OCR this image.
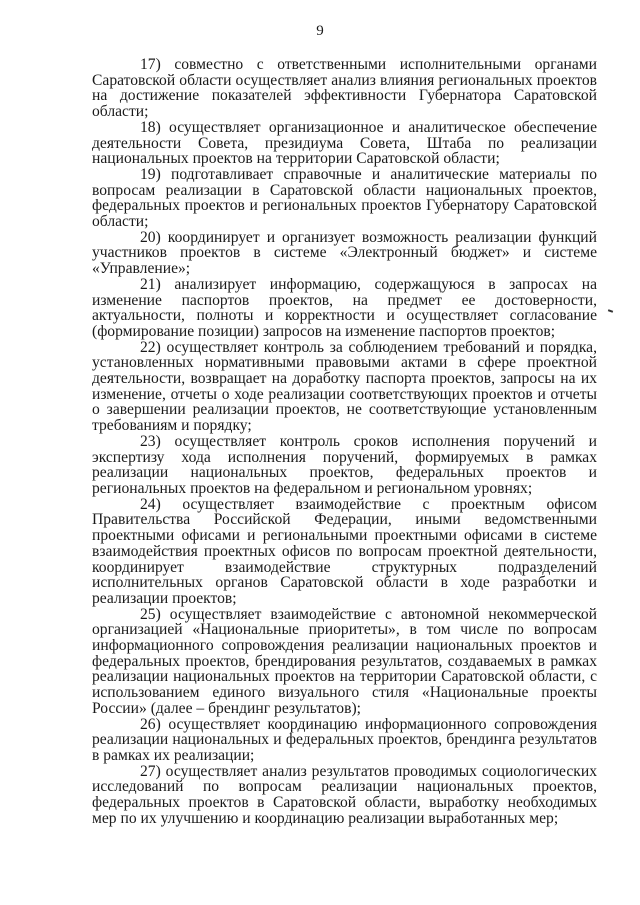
9

17) совместно с ответственными исполнительными органами Саратовской области осуществляет анализ влияния региональных проектов на достижение показателей эффективности Губернатора Саратовской области;

18) осуществляет организационное и аналитическое обеспечение деятельности Совета, президиума Совета, Штаба по реализации национальных проектов на территории Саратовской области;

19) подготавливает справочные и аналитические материалы по вопросам реализации в Саратовской области национальных проектов, федеральных проектов и региональных проектов Губернатору Саратовской области;

20) координирует и организует возможность реализации функций участников проектов в системе «Электронный бюджет» и системе «Управление»;

21) анализирует информацию, содержащуюся в запросах на изменение паспортов проектов, на предмет ее достоверности, актуальности, полноты и корректности и осуществляет согласование (формирование позиции) запросов на изменение паспортов проектов;

22) осуществляет контроль за соблюдением требований и порядка, установленных нормативными правовыми актами в сфере проектной деятельности, возвращает на доработку паспорта проектов, запросы на их изменение, отчеты о ходе реализации соответствующих проектов и отчеты о завершении реализации проектов, не соответствующие установленным требованиям и порядку;

23) осуществляет контроль сроков исполнения поручений и экспертизу хода исполнения поручений, формируемых в рамках реализации национальных проектов, федеральных проектов и региональных проектов на федеральном и региональном уровнях;

24) осуществляет взаимодействие с проектным офисом Правительства Российской Федерации, иными ведомственными проектными офисами и региональными проектными офисами в системе взаимодействия проектных офисов по вопросам проектной деятельности, координирует взаимодействие структурных подразделений исполнительных органов Саратовской области в ходе разработки и реализации проектов;

25) осуществляет взаимодействие с автономной некоммерческой организацией «Национальные приоритеты», в том числе по вопросам информационного сопровождения реализации национальных проектов и федеральных проектов, брендирования результатов, создаваемых в рамках реализации национальных проектов на территории Саратовской области, с использованием единого визуального стиля «Национальные проекты России» (далее – брендинг результатов);

26) осуществляет координацию информационного сопровождения реализации национальных и федеральных проектов, брендинга результатов в рамках их реализации;

27) осуществляет анализ результатов проводимых социологических исследований по вопросам реализации национальных проектов, федеральных проектов в Саратовской области, выработку необходимых мер по их улучшению и координацию реализации выработанных мер;
